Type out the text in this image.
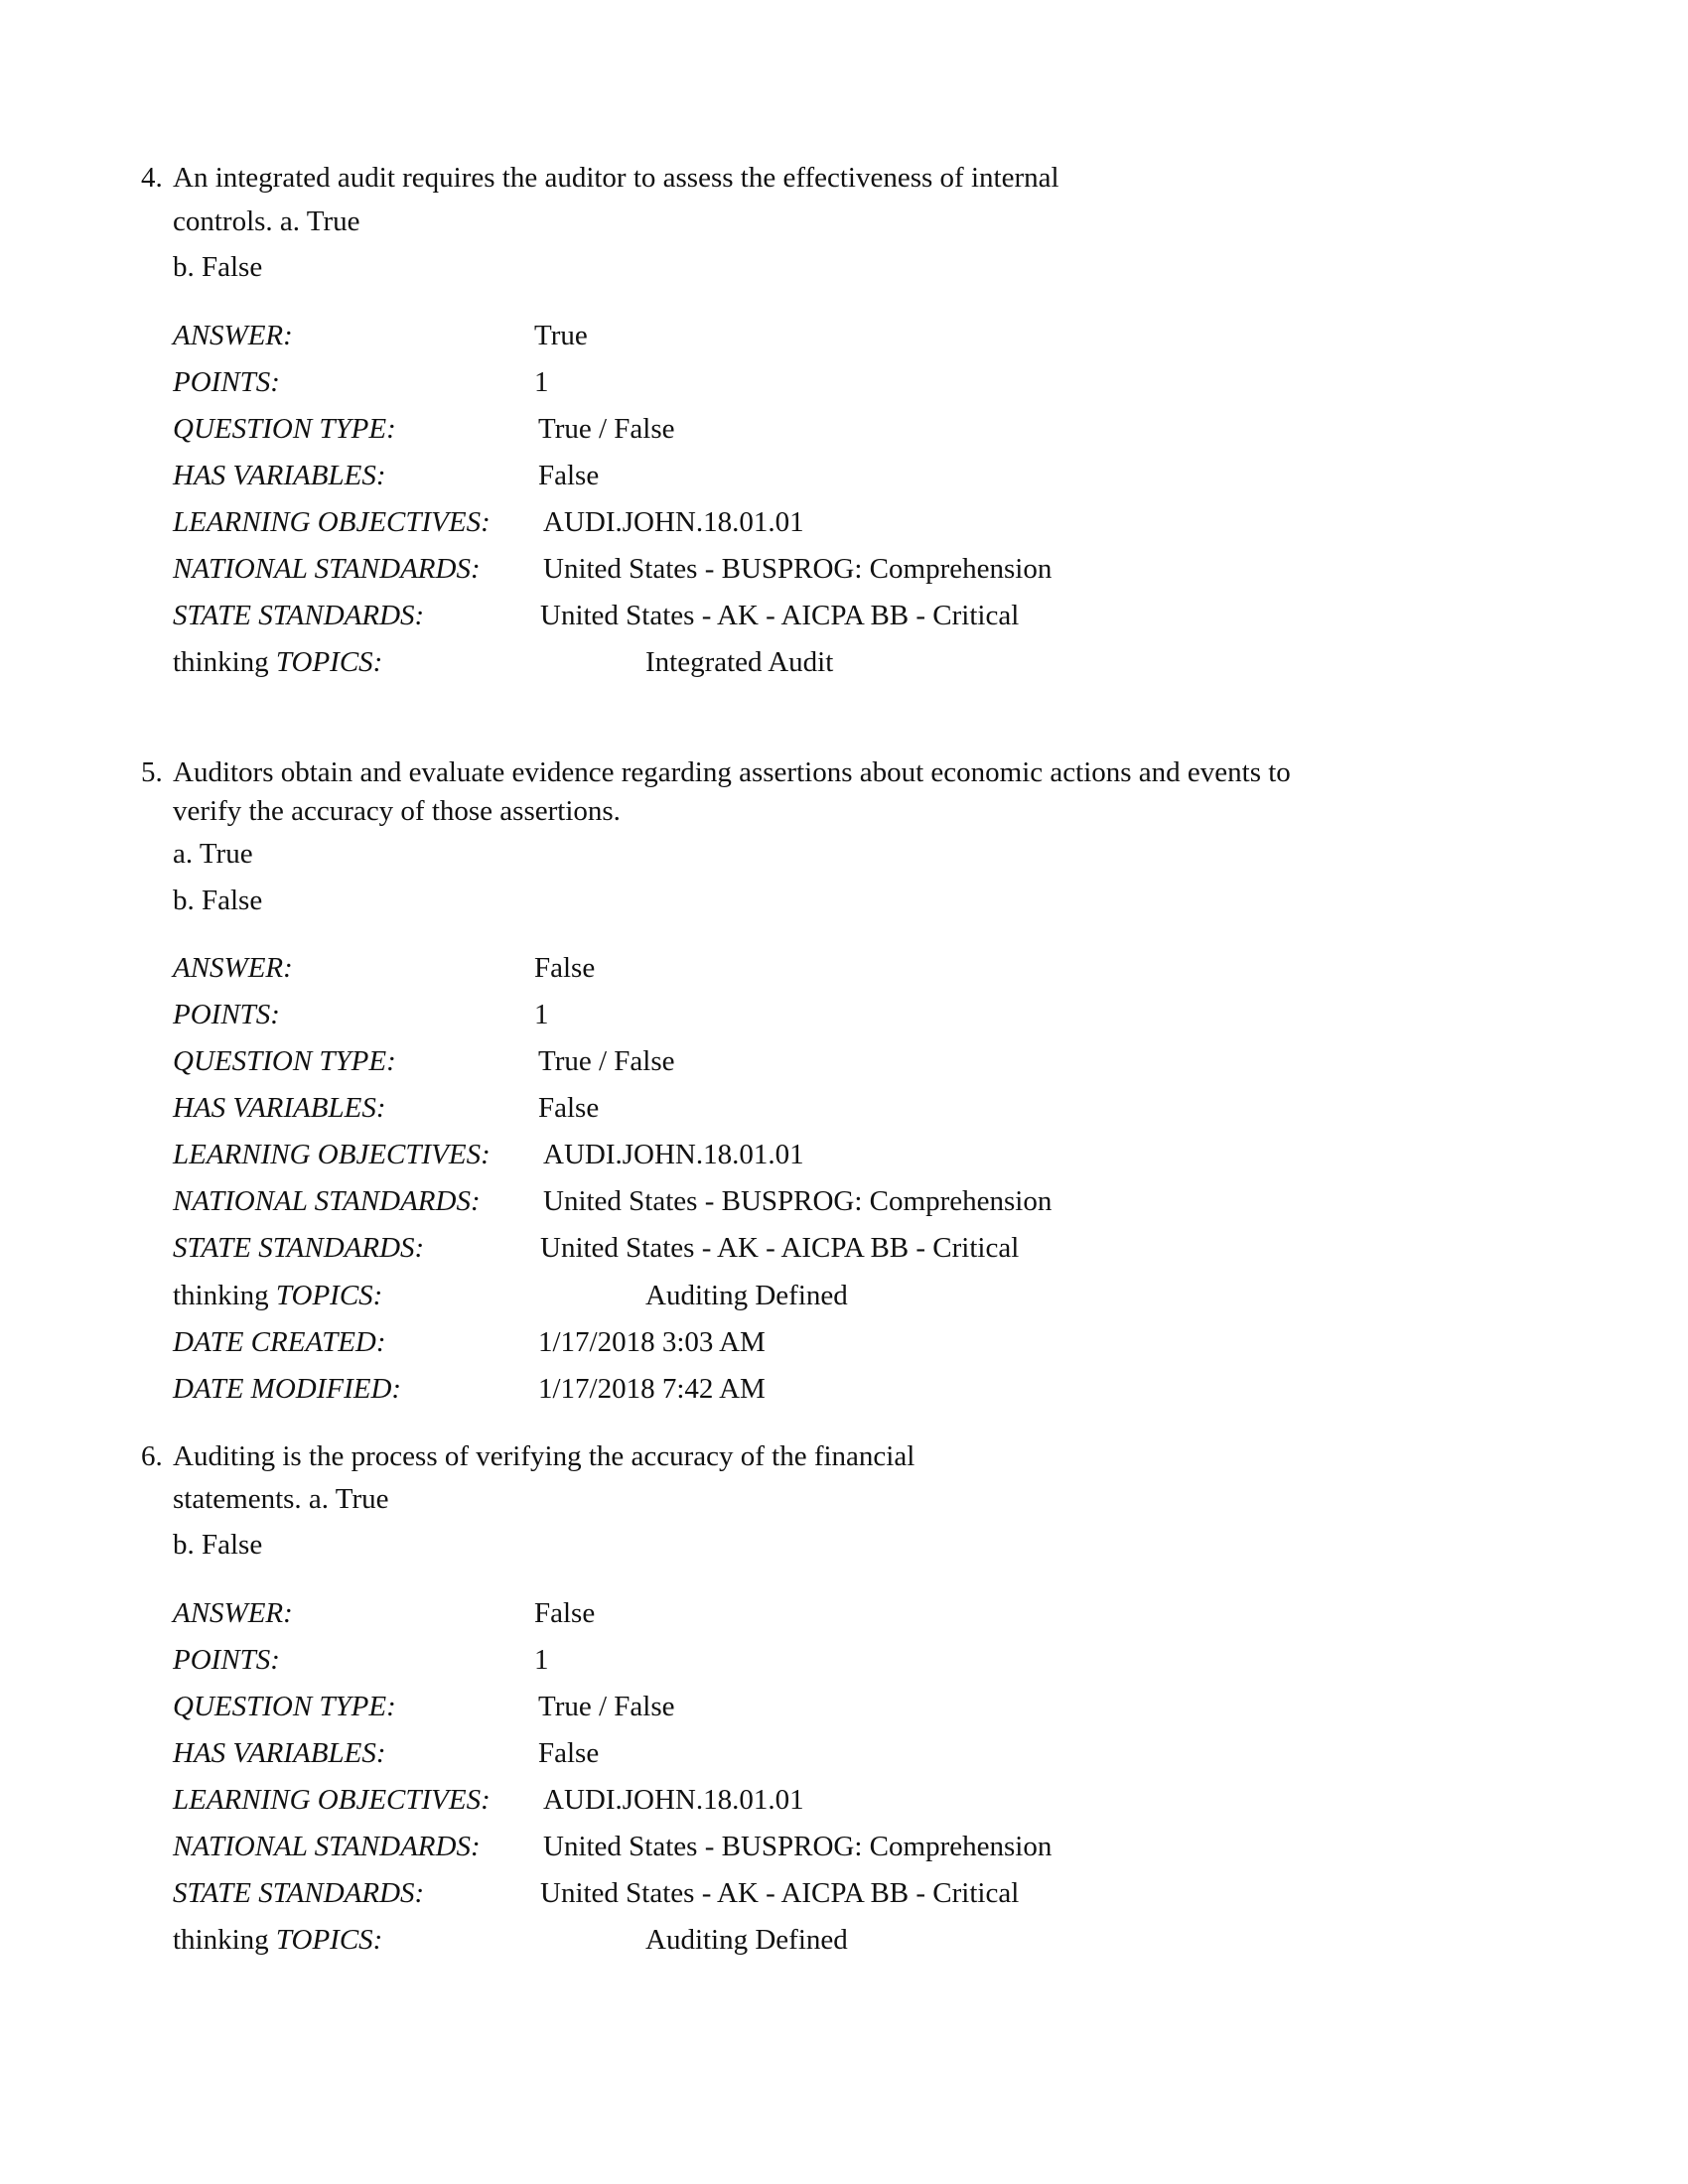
4. An integrated audit requires the auditor to assess the effectiveness of internal
controls. a. True
b. False
ANSWER:	True
POINTS:	1
QUESTION TYPE:	True / False
HAS VARIABLES:	False
LEARNING OBJECTIVES: AUDI.JOHN.18.01.01
NATIONAL STANDARDS: United States - BUSPROG: Comprehension
STATE STANDARDS:	United States - AK - AICPA BB - Critical
thinking TOPICS:	Integrated Audit
5. Auditors obtain and evaluate evidence regarding assertions about economic actions and events to
verify the accuracy of those assertions.
a. True
b. False
ANSWER:	False
POINTS:	1
QUESTION TYPE:	True / False
HAS VARIABLES:	False
LEARNING OBJECTIVES: AUDI.JOHN.18.01.01
NATIONAL STANDARDS: United States - BUSPROG: Comprehension
STATE STANDARDS:	United States - AK - AICPA BB - Critical
thinking TOPICS:	Auditing Defined
DATE CREATED:	1/17/2018 3:03 AM
DATE MODIFIED:	1/17/2018 7:42 AM
6. Auditing is the process of verifying the accuracy of the financial
statements. a. True
b. False
ANSWER:	False
POINTS:	1
QUESTION TYPE:	True / False
HAS VARIABLES:	False
LEARNING OBJECTIVES: AUDI.JOHN.18.01.01
NATIONAL STANDARDS: United States - BUSPROG: Comprehension
STATE STANDARDS:	United States - AK - AICPA BB - Critical
thinking TOPICS:	Auditing Defined
